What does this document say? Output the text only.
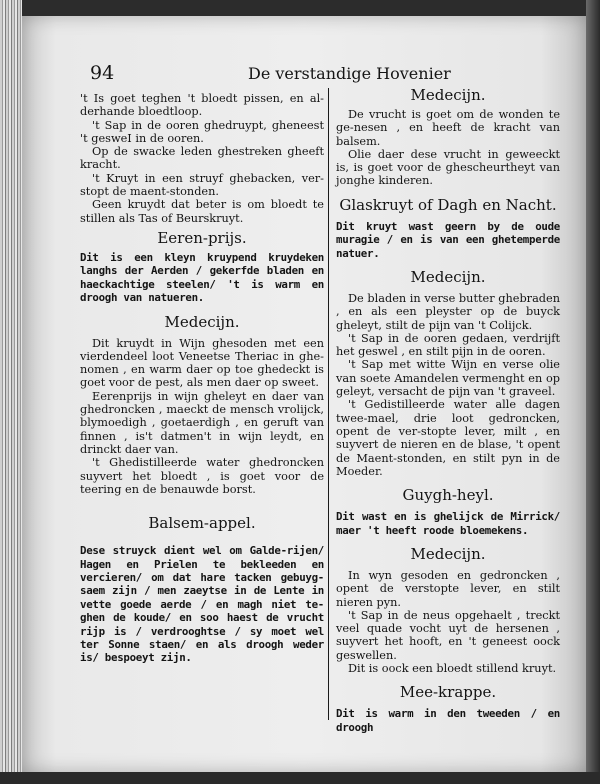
94	De verstandige Hovenier

't Is goet teghen 't bloedt pissen, en al-derhande bloedtloop.

't Sap in de ooren ghedruypt, gheneest 't gesweI in de ooren.

Op de swacke leden ghestreken gheeft kracht.

't Kruyt in een struyf ghebacken, ver-stopt de maent-stonden.

Geen kruydt dat beter is om bloedt te stillen als Tas of Beurskruyt.

Eeren-prijs.

Dit is een kleyn kruypend kruydeken langhs der Aerden / gekerfde bladen en haeckachtige steelen/ 't is warm en droogh van natueren.

Medecijn.

Dit kruydt in Wijn ghesoden met een vierdendeel loot Veneetse Theriac in ghe-nomen , en warm daer op toe ghedeckt is goet voor de pest, als men daer op sweet.

Eerenprijs in wijn gheleyt en daer van ghedroncken , maeckt de mensch vrolijck, blymoedigh , goetaerdigh , en geruft van finnen , is't datmen't in wijn leydt, en drinckt daer van.

't Ghedistilleerde water ghedroncken suyvert het bloedt , is goet voor de teering en de benauwde borst.

Balsem-appel.

Dese struyck dient wel om Galde-rijen/ Hagen en Prielen te bekleeden en vercieren/ om dat hare tacken gebuyg-saem zijn / men zaeytse in de Lente in vette goede aerde / en magh niet te-ghen de koude/ en soo haest de vrucht rijp is / verdrooghtse / sy moet wel ter Sonne staen/ en als droogh weder is/ bespoeyt zijn.

Medecijn.

De vrucht is goet om de wonden te ge-nesen , en heeft de kracht van balsem.

Olie daer dese vrucht in geweeckt is, is goet voor de ghescheurtheyt van jonghe kinderen.

Glaskruyt of Dagh en Nacht.

Dit kruyt wast geern by de oude muragie / en is van een ghetemperde natuer.

Medecijn.

De bladen in verse butter ghebraden , en als een pleyster op de buyck gheleyt, stilt de pijn van 't Colijck.

't Sap in de ooren gedaen, verdrijft het geswel , en stilt pijn in de ooren.

't Sap met witte Wijn en verse olie van soete Amandelen vermenght en op geleyt, versacht de pijn van 't graveel.

't Gedistilleerde water alle dagen twee-mael, drie loot gedroncken, opent de ver-stopte lever, milt , en suyvert de nieren en de blase, 't opent de Maent-stonden, en stilt pyn in de Moeder.

Guygh-heyl.

Dit wast en is ghelijck de Mirrick/ maer 't heeft roode bloemekens.

Medecijn.

In wyn gesoden en gedroncken , opent de verstopte lever, en stilt nieren pyn.

't Sap in de neus opgehaelt , treckt veel quade vocht uyt de hersenen , suyvert het hooft, en 't geneest oock geswellen.

Dit is oock een bloedt stillend kruyt.

Mee-krappe.

Dit is warm in den tweeden / en droogh
